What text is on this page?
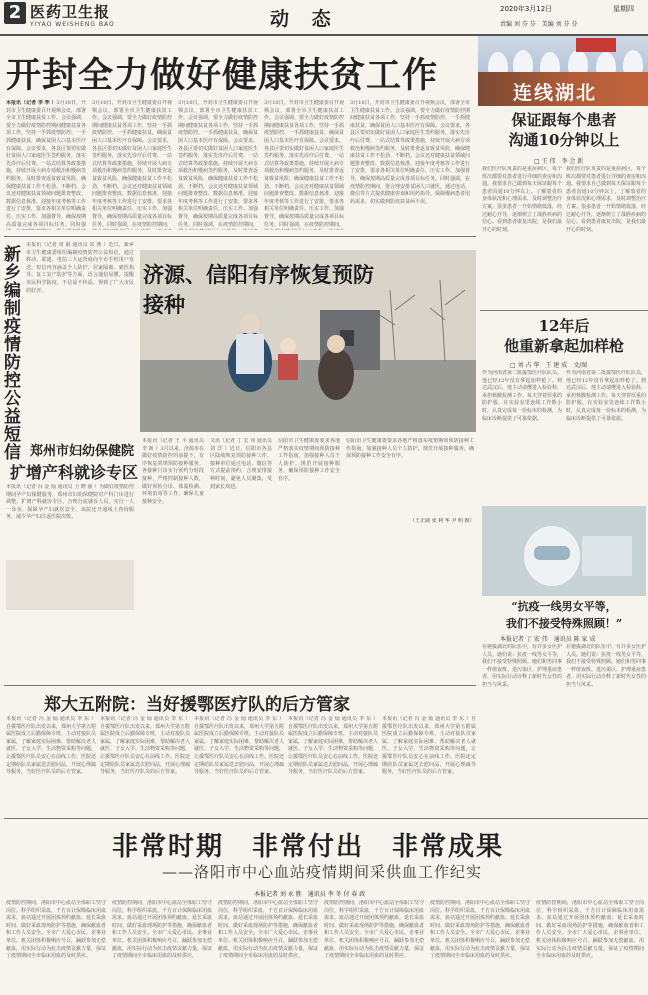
2 医药卫生报
YIYAO WEISHENG BAO	动 态	2020年3月12日	星期四
责编 刘 芬 芬　美编 刘 芬 芬
开封全力做好健康扶贫工作
本报讯（记者 李 季 ）3月10日，开封市卫生健康委召开视频会议，部署全市卫生健康扶贫工作。会议强调，要全力做好疫情防控期间健康扶贫各项工作，坚持一手抓疫情防控、一手抓健康扶贫，确保贫困人口基本医疗有保障。会议要求，各县区要切实做好贫困人口家庭医生签约服务，落实先诊疗后付费、一站式结算等政策措施，持续开展大病专项救治和慢病签约服务，及时排查返贫致贫风险，确保健康扶贫工作不松劲、不断档。会议还对健康扶贫领域问题排查整改、数据信息核准、迎接年度考核等工作进行了安排，要求各相关单位明确责任、压实工作、加强督导，确保按期高质量完成各项目标任务。同时强
3月10日，开封市卫生健康委召开视频会议，部署全市卫生健康扶贫工作。会议强调，要全力做好疫情防控期间健康扶贫各项工作，坚持一手抓疫情防控、一手抓健康扶贫，确保贫困人口基本医疗有保障。会议要求，各县区要切实做好贫困人口家庭医生签约服务，落实先诊疗后付费、一站式结算等政策措施，持续开展大病专项救治和慢病签约服务，及时排查返贫致贫风险，确保健康扶贫工作不松劲、不断档。会议还对健康扶贫领域问题排查整改、数据信息核准、迎接年度考核等工作进行了安排，要求各相关单位明确责任、压实工作、加强督导，确保按期高质量完成各项目标任务。同时强调，在疫情防控期间，
3月10日，开封市卫生健康委召开视频会议，部署全市卫生健康扶贫工作。会议强调，要全力做好疫情防控期间健康扶贫各项工作，坚持一手抓疫情防控、一手抓健康扶贫，确保贫困人口基本医疗有保障。会议要求，各县区要切实做好贫困人口家庭医生签约服务，落实先诊疗后付费、一站式结算等政策措施，持续开展大病专项救治和慢病签约服务，及时排查返贫致贫风险，确保健康扶贫工作不松劲、不断档。会议还对健康扶贫领域问题排查整改、数据信息核准、迎接年度考核等工作进行了安排，要求各相关单位明确责任、压实工作、加强督导，确保按期高质量完成各项目标任务。同时强调，在疫情防控期间，
3月10日，开封市卫生健康委召开视频会议，部署全市卫生健康扶贫工作。会议强调，要全力做好疫情防控期间健康扶贫各项工作，坚持一手抓疫情防控、一手抓健康扶贫，确保贫困人口基本医疗有保障。会议要求，各县区要切实做好贫困人口家庭医生签约服务，落实先诊疗后付费、一站式结算等政策措施，持续开展大病专项救治和慢病签约服务，及时排查返贫致贫风险，确保健康扶贫工作不松劲、不断档。会议还对健康扶贫领域问题排查整改、数据信息核准、迎接年度考核等工作进行了安排，要求各相关单位明确责任、压实工作、加强督导，确保按期高质量完成各项目标任务。同时强调，在疫情防控期间，
3月10日，开封市卫生健康委召开视频会议，部署全市卫生健康扶贫工作。会议强调，要全力做好疫情防控期间健康扶贫各项工作，坚持一手抓疫情防控、一手抓健康扶贫，确保贫困人口基本医疗有保障。会议要求，各县区要切实做好贫困人口家庭医生签约服务，落实先诊疗后付费、一站式结算等政策措施，持续开展大病专项救治和慢病签约服务，及时排查返贫致贫风险，确保健康扶贫工作不松劲、不断档。会议还对健康扶贫领域问题排查整改、数据信息核准、迎接年度考核等工作进行了安排，要求各相关单位明确责任、压实工作、加强督导，确保按期高质量完成各项目标任务。同时强调，在疫情防控期间，要合理安排贫困人口就医，通过电话、微信等方式提供健康咨询和用药指导，保障慢病患者用药需求，切实做到防疫扶贫两不误。
新乡编制疫情防控公益短信
本报讯（记者 常 娟 通讯员 朱 燕 ）近日，新乡市卫生健康委组织编制疫情防控公益短信，通过移动、联通、电信三大运营商向全市手机用户发送。短信内容涵盖个人防护、居家隔离、就医指导、复工复产防护等方面，语言通俗易懂，提醒市民科学防疫、不信谣不传谣，得到了广大市民的好评。
济源、信阳有序恢复预防接种
本报讯（记者 王 平 通讯员 李 新 ）3月以来，济源市在做好疫情防控的前提下，有序恢复常规预防接种服务。各接种门诊实行预约分时段接种，严格控制接种人数，做好预检分诊、体温检测、环境消毒等工作，确保儿童接种安全。
又讯（记者 丁 宏 伟 通讯员 刘 洋 ）近日，信阳市各县区陆续恢复预防接种工作。接种单位通过电话、微信等方式提前预约，合理安排接种时间，避免人员聚集，受到家长欢迎。
信阳市卫生健康委要求各地严格落实疫情期间预防接种工作指南，加强接种人员个人防护，规范开展接种服务，确保预防接种工作安全有序。
信阳市卫生健康委要求各地严格落实疫情期间预防接种工作指南，加强接种人员个人防护，规范开展接种服务，确保预防接种工作安全有序。
（王正勋 张 利 华 尹 明 摄）
郑州市妇幼保健院
扩增产科就诊专区
本报讯（记者 冯 金 灿 通讯员 卫 晓 丽 ）为做好疫情防控期间孕产妇保健服务，郑州市妇幼保健院对产科门诊进行调整，扩增产科就诊专区，合理分流就诊人员，实行一人一诊室，保障孕产妇就医安全。该院还开通线上咨询服务，减少孕产妇往返医院次数。
郑大五附院：当好援鄂医疗队的后方管家
本报讯（记者 冯 金 灿 通讯员 李 东 ）自援鄂医疗队出发以来，郑州大学第五附属医院成立后勤保障专班，主动对接队员家属，了解家庭实际困难，帮助解决老人就医、子女入学、生活物资采购等问题，让援鄂医疗队员安心在前线工作。医院还定期给队员家属送去慰问品，开展心理疏导服务，当好医疗队员的后方管家。
本报讯（记者 冯 金 灿 通讯员 李 东 ）自援鄂医疗队出发以来，郑州大学第五附属医院成立后勤保障专班，主动对接队员家属，了解家庭实际困难，帮助解决老人就医、子女入学、生活物资采购等问题，让援鄂医疗队员安心在前线工作。医院还定期给队员家属送去慰问品，开展心理疏导服务，当好医疗队员的后方管家。
本报讯（记者 冯 金 灿 通讯员 李 东 ）自援鄂医疗队出发以来，郑州大学第五附属医院成立后勤保障专班，主动对接队员家属，了解家庭实际困难，帮助解决老人就医、子女入学、生活物资采购等问题，让援鄂医疗队员安心在前线工作。医院还定期给队员家属送去慰问品，开展心理疏导服务，当好医疗队员的后方管家。
本报讯（记者 冯 金 灿 通讯员 李 东 ）自援鄂医疗队出发以来，郑州大学第五附属医院成立后勤保障专班，主动对接队员家属，了解家庭实际困难，帮助解决老人就医、子女入学、生活物资采购等问题，让援鄂医疗队员安心在前线工作。医院还定期给队员家属送去慰问品，开展心理疏导服务，当好医疗队员的后方管家。
本报讯（记者 冯 金 灿 通讯员 李 东 ）自援鄂医疗队出发以来，郑州大学第五附属医院成立后勤保障专班，主动对接队员家属，了解家庭实际困难，帮助解决老人就医、子女入学、生活物资采购等问题，让援鄂医疗队员安心在前线工作。医院还定期给队员家属送去慰问品，开展心理疏导服务，当好医疗队员的后方管家。
连线湖北
保证跟每个患者
沟通10分钟以上
□ 王 伟　李 会 新
我们医疗队负责的是重症病区，每个班次都要对患者进行详细的查房和沟通。我要求自己做到每天保证跟每个患者沟通10分钟以上，了解患者的身体状况和心理需求，及时调整治疗方案。很多患者一开始情绪低落，经过耐心开导，逐渐树立了战胜疾病的信心。看到患者康复出院，是我们最开心的时刻。
我们医疗队负责的是重症病区，每个班次都要对患者进行详细的查房和沟通。我要求自己做到每天保证跟每个患者沟通10分钟以上，了解患者的身体状况和心理需求，及时调整治疗方案。很多患者一开始情绪低落，经过耐心开导，逐渐树立了战胜疾病的信心。看到患者康复出院，是我们最开心的时刻。
12年后
他重新拿起加样枪
□ 刘 占 华　王 建 成　文/图
作为河南省第二批援鄂医疗队队员，他已经12年没有拿起加样枪了。到达武汉后，他主动请缨进入检验科，承担核酸检测工作。每天穿着厚重的防护服，在实验室里连续工作数小时，认真完成每一份标本的检测，为临床诊断提供了可靠依据。
作为河南省第二批援鄂医疗队队员，他已经12年没有拿起加样枪了。到达武汉后，他主动请缨进入检验科，承担核酸检测工作。每天穿着厚重的防护服，在实验室里连续工作数小时，认真完成每一份标本的检测，为临床诊断提供了可靠依据。
“抗疫一线男女平等，
我们不接受特殊照顾！”
本报记者 丁 宏 伟　通讯员 陈 家 成
在驰援湖北的队伍中，有许多女医护人员。她们说：抗疫一线男女平等，我们不接受特殊照顾。她们和男同事一样值夜班、进污染区、护理重症患者，用实际行动诠释了新时代女性的担当与风采。
在驰援湖北的队伍中，有许多女医护人员。她们说：抗疫一线男女平等，我们不接受特殊照顾。她们和男同事一样值夜班、进污染区、护理重症患者，用实际行动诠释了新时代女性的担当与风采。
非常时期　非常付出　非常成果
——洛阳市中心血站疫情期间采供血工作纪实
本报记者 刘 永 胜　通讯员 李 冬 付 春 政
疫情防控期间，洛阳市中心血站全体职工坚守岗位，科学组织采血，千方百计保障临床用血需求。血站通过开展团体预约献血、延长采血时间、做好采血现场防护等措施，确保献血者和工作人员安全。全市广大爱心市民、企事业单位、机关团体积极响应号召，踊跃参加无偿献血，用实际行动为抗击疫情贡献力量，保证了疫情期间全市临床用血的及时供应。
疫情防控期间，洛阳市中心血站全体职工坚守岗位，科学组织采血，千方百计保障临床用血需求。血站通过开展团体预约献血、延长采血时间、做好采血现场防护等措施，确保献血者和工作人员安全。全市广大爱心市民、企事业单位、机关团体积极响应号召，踊跃参加无偿献血，用实际行动为抗击疫情贡献力量，保证了疫情期间全市临床用血的及时供应。
疫情防控期间，洛阳市中心血站全体职工坚守岗位，科学组织采血，千方百计保障临床用血需求。血站通过开展团体预约献血、延长采血时间、做好采血现场防护等措施，确保献血者和工作人员安全。全市广大爱心市民、企事业单位、机关团体积极响应号召，踊跃参加无偿献血，用实际行动为抗击疫情贡献力量，保证了疫情期间全市临床用血的及时供应。
疫情防控期间，洛阳市中心血站全体职工坚守岗位，科学组织采血，千方百计保障临床用血需求。血站通过开展团体预约献血、延长采血时间、做好采血现场防护等措施，确保献血者和工作人员安全。全市广大爱心市民、企事业单位、机关团体积极响应号召，踊跃参加无偿献血，用实际行动为抗击疫情贡献力量，保证了疫情期间全市临床用血的及时供应。
疫情防控期间，洛阳市中心血站全体职工坚守岗位，科学组织采血，千方百计保障临床用血需求。血站通过开展团体预约献血、延长采血时间、做好采血现场防护等措施，确保献血者和工作人员安全。全市广大爱心市民、企事业单位、机关团体积极响应号召，踊跃参加无偿献血，用实际行动为抗击疫情贡献力量，保证了疫情期间全市临床用血的及时供应。
疫情防控期间，洛阳市中心血站全体职工坚守岗位，科学组织采血，千方百计保障临床用血需求。血站通过开展团体预约献血、延长采血时间、做好采血现场防护等措施，确保献血者和工作人员安全。全市广大爱心市民、企事业单位、机关团体积极响应号召，踊跃参加无偿献血，用实际行动为抗击疫情贡献力量，保证了疫情期间全市临床用血的及时供应。
